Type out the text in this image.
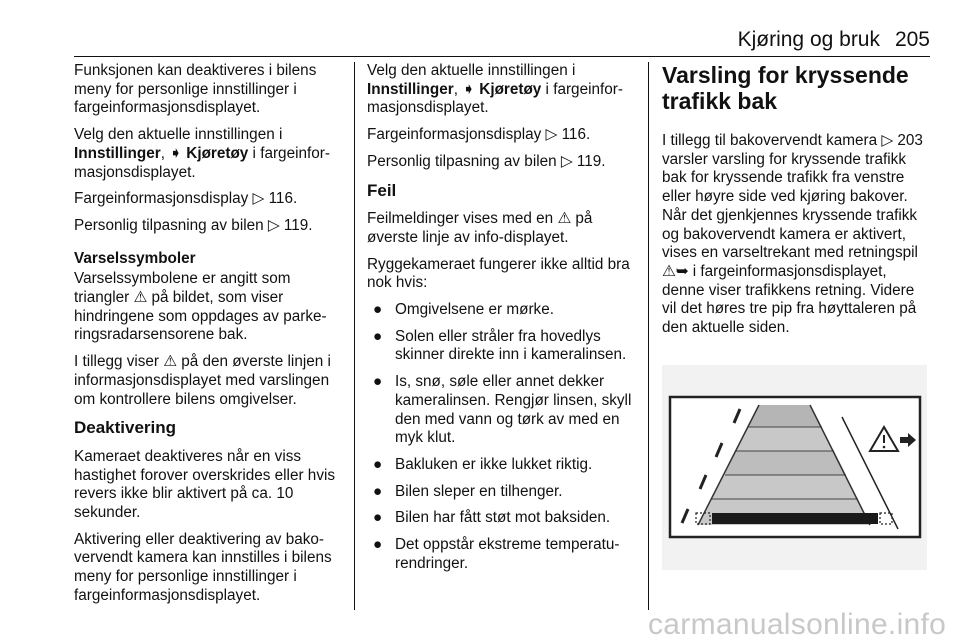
Kjøring og bruk 205

Funksjonen kan deaktiveres i bilens meny for personlige innstillinger i fargeinformasjonsdisplayet.

Velg den aktuelle innstillingen i Innstillinger, ➧ Kjøretøy i fargeinformasjonsdisplayet.

Fargeinformasjonsdisplay ▷ 116.

Personlig tilpasning av bilen ▷ 119.

Varselssymboler

Varselssymbolene er angitt som triangler ⚠ på bildet, som viser hindringene som oppdages av parkeringsradarsensorene bak.

I tillegg viser ⚠ på den øverste linjen i informasjonsdisplayet med varslingen om kontrollere bilens omgivelser.

Deaktivering

Kameraet deaktiveres når en viss hastighet forover overskrides eller hvis revers ikke blir aktivert på ca. 10 sekunder.

Aktivering eller deaktivering av bakovervendt kamera kan innstilles i bilens meny for personlige innstillinger i fargeinformasjonsdisplayet.

Velg den aktuelle innstillingen i Innstillinger, ➧ Kjøretøy i fargeinformasjonsdisplayet.

Fargeinformasjonsdisplay ▷ 116.

Personlig tilpasning av bilen ▷ 119.

Feil

Feilmeldinger vises med en ⚠ på øverste linje av info-displayet.

Ryggekameraet fungerer ikke alltid bra nok hvis:

● Omgivelsene er mørke.
● Solen eller stråler fra hovedlys skinner direkte inn i kameralinsen.
● Is, snø, søle eller annet dekker kameralinsen. Rengjør linsen, skyll den med vann og tørk av med en myk klut.
● Bakluken er ikke lukket riktig.
● Bilen sleper en tilhenger.
● Bilen har fått støt mot baksiden.
● Det oppstår ekstreme temperaturendringer.
Varsling for kryssende trafikk bak

I tillegg til bakovervendt kamera ▷ 203 varsler varsling for kryssende trafikk bak for kryssende trafikk fra venstre eller høyre side ved kjøring bakover. Når det gjenkjennes kryssende trafikk og bakovervendt kamera er aktivert, vises en varseltrekant med retningspil ⚠➥ i fargeinformasjonsdisplayet, denne viser trafikkens retning. Videre vil det høres tre pip fra høyttaleren på den aktuelle siden.

carmanualsonline.info
